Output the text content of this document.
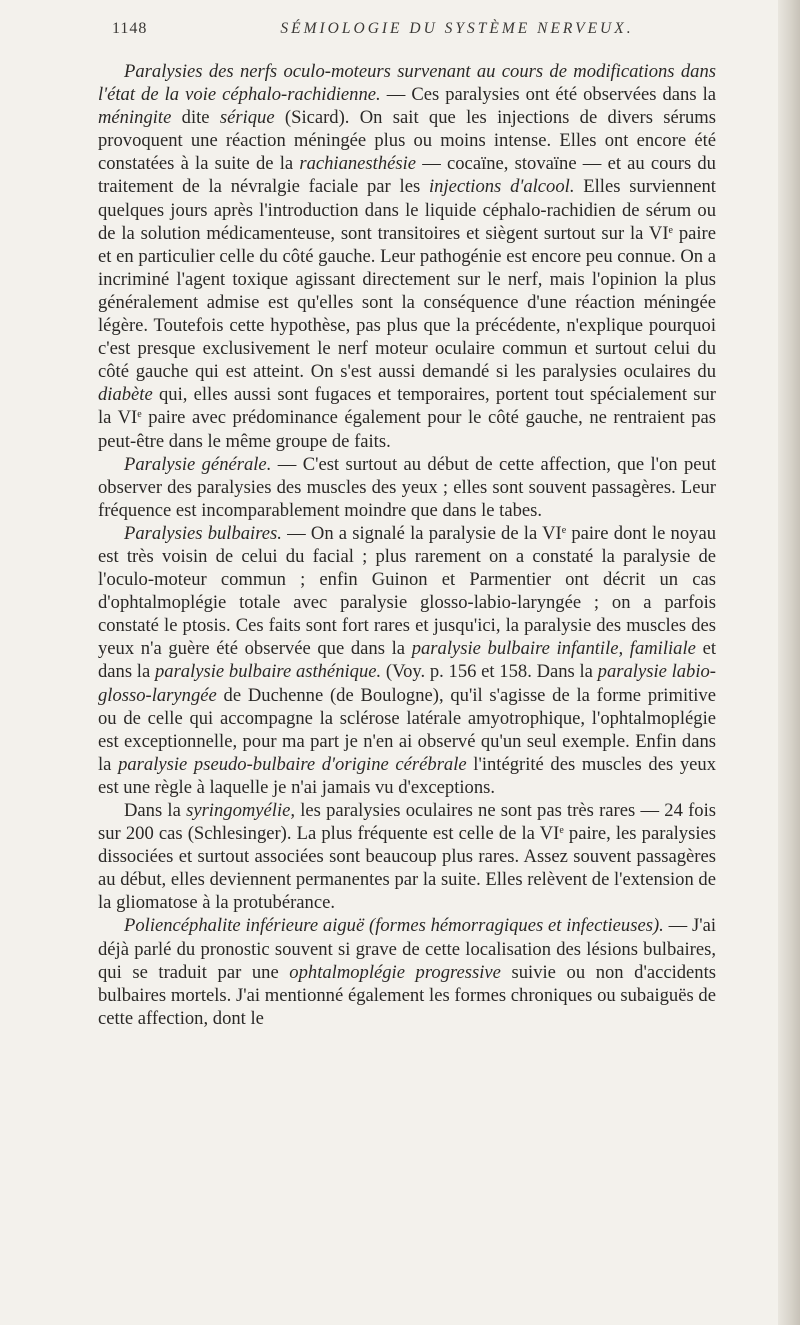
1148	SÉMIOLOGIE DU SYSTÈME NERVEUX.

Paralysies des nerfs oculo-moteurs survenant au cours de modifications dans l'état de la voie céphalo-rachidienne. — Ces paralysies ont été observées dans la méningite dite sérique (Sicard). On sait que les injections de divers sérums provoquent une réaction méningée plus ou moins intense. Elles ont encore été constatées à la suite de la rachianesthésie — cocaïne, stovaïne — et au cours du traitement de la névralgie faciale par les injections d'alcool. Elles surviennent quelques jours après l'introduction dans le liquide céphalo-rachidien de sérum ou de la solution médicamenteuse, sont transitoires et siègent surtout sur la VIe paire et en particulier celle du côté gauche. Leur pathogénie est encore peu connue. On a incriminé l'agent toxique agissant directement sur le nerf, mais l'opinion la plus généralement admise est qu'elles sont la conséquence d'une réaction méningée légère. Toutefois cette hypothèse, pas plus que la précédente, n'explique pourquoi c'est presque exclusivement le nerf moteur oculaire commun et surtout celui du côté gauche qui est atteint. On s'est aussi demandé si les paralysies oculaires du diabète qui, elles aussi sont fugaces et temporaires, portent tout spécialement sur la VIe paire avec prédominance également pour le côté gauche, ne rentraient pas peut-être dans le même groupe de faits.

Paralysie générale. — C'est surtout au début de cette affection, que l'on peut observer des paralysies des muscles des yeux ; elles sont souvent passagères. Leur fréquence est incomparablement moindre que dans le tabes.

Paralysies bulbaires. — On a signalé la paralysie de la VIe paire dont le noyau est très voisin de celui du facial ; plus rarement on a constaté la paralysie de l'oculo-moteur commun ; enfin Guinon et Parmentier ont décrit un cas d'ophtalmoplégie totale avec paralysie glosso-labio-laryngée ; on a parfois constaté le ptosis. Ces faits sont fort rares et jusqu'ici, la paralysie des muscles des yeux n'a guère été observée que dans la paralysie bulbaire infantile, familiale et dans la paralysie bulbaire asthénique. (Voy. p. 156 et 158. Dans la paralysie labio-glosso-laryngée de Duchenne (de Boulogne), qu'il s'agisse de la forme primitive ou de celle qui accompagne la sclérose latérale amyotrophique, l'ophtalmoplégie est exceptionnelle, pour ma part je n'en ai observé qu'un seul exemple. Enfin dans la paralysie pseudo-bulbaire d'origine cérébrale l'intégrité des muscles des yeux est une règle à laquelle je n'ai jamais vu d'exceptions.

Dans la syringomyélie, les paralysies oculaires ne sont pas très rares — 24 fois sur 200 cas (Schlesinger). La plus fréquente est celle de la VIe paire, les paralysies dissociées et surtout associées sont beaucoup plus rares. Assez souvent passagères au début, elles deviennent permanentes par la suite. Elles relèvent de l'extension de la gliomatose à la protubérance.

Poliencéphalite inférieure aiguë (formes hémorragiques et infectieuses). — J'ai déjà parlé du pronostic souvent si grave de cette localisation des lésions bulbaires, qui se traduit par une ophtalmoplégie progressive suivie ou non d'accidents bulbaires mortels. J'ai mentionné également les formes chroniques ou subaiguës de cette affection, dont le
